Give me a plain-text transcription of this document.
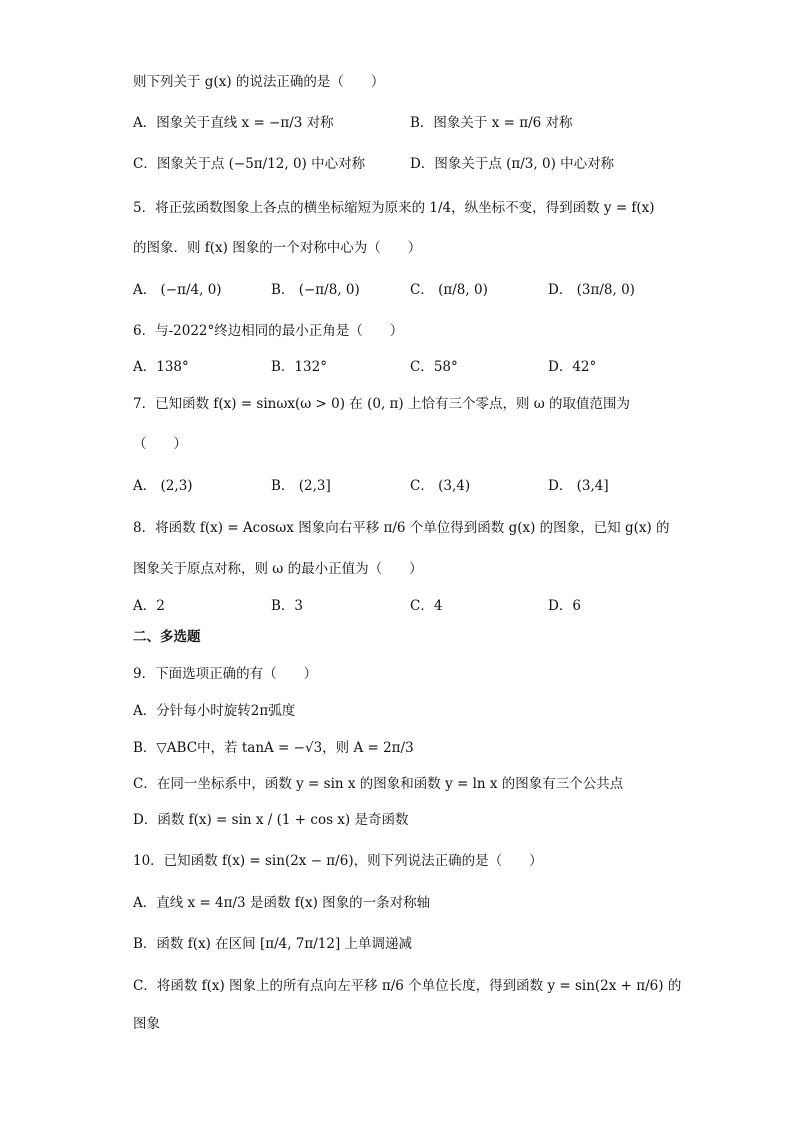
则下列关于 g(x) 的说法正确的是（　　）
A．图象关于直线 x = −π/3 对称	B．图象关于 x = π/6 对称
C．图象关于点 (−5π/12, 0) 中心对称	D．图象关于点 (π/3, 0) 中心对称
5．将正弦函数图象上各点的横坐标缩短为原来的 1/4，纵坐标不变，得到函数 y = f(x)
的图象．则 f(x) 图象的一个对称中心为（　　）
A． (−π/4, 0)	B． (−π/8, 0)	C． (π/8, 0)	D． (3π/8, 0)
6．与-2022°终边相同的最小正角是（　　）
A．138°	B．132°	C．58°	D．42°
7．已知函数 f(x) = sinωx(ω > 0) 在 (0, π) 上恰有三个零点，则 ω 的取值范围为
（　　）
A． (2,3)	B． (2,3]	C． (3,4)	D． (3,4]
8．将函数 f(x) = Acosωx 图象向右平移 π/6 个单位得到函数 g(x) 的图象，已知 g(x) 的
图象关于原点对称，则 ω 的最小正值为（　　）
A．2	B．3	C．4	D．6
二、多选题
9．下面选项正确的有（　　）
A．分针每小时旋转2π弧度
B．▽ABC中，若 tanA = −√3，则 A = 2π/3
C．在同一坐标系中，函数 y = sin x 的图象和函数 y = ln x 的图象有三个公共点
D．函数 f(x) = sin x / (1 + cos x) 是奇函数
10．已知函数 f(x) = sin(2x − π/6)，则下列说法正确的是（　　）
A．直线 x = 4π/3 是函数 f(x) 图象的一条对称轴
B．函数 f(x) 在区间 [π/4, 7π/12] 上单调递减
C．将函数 f(x) 图象上的所有点向左平移 π/6 个单位长度，得到函数 y = sin(2x + π/6) 的
图象
